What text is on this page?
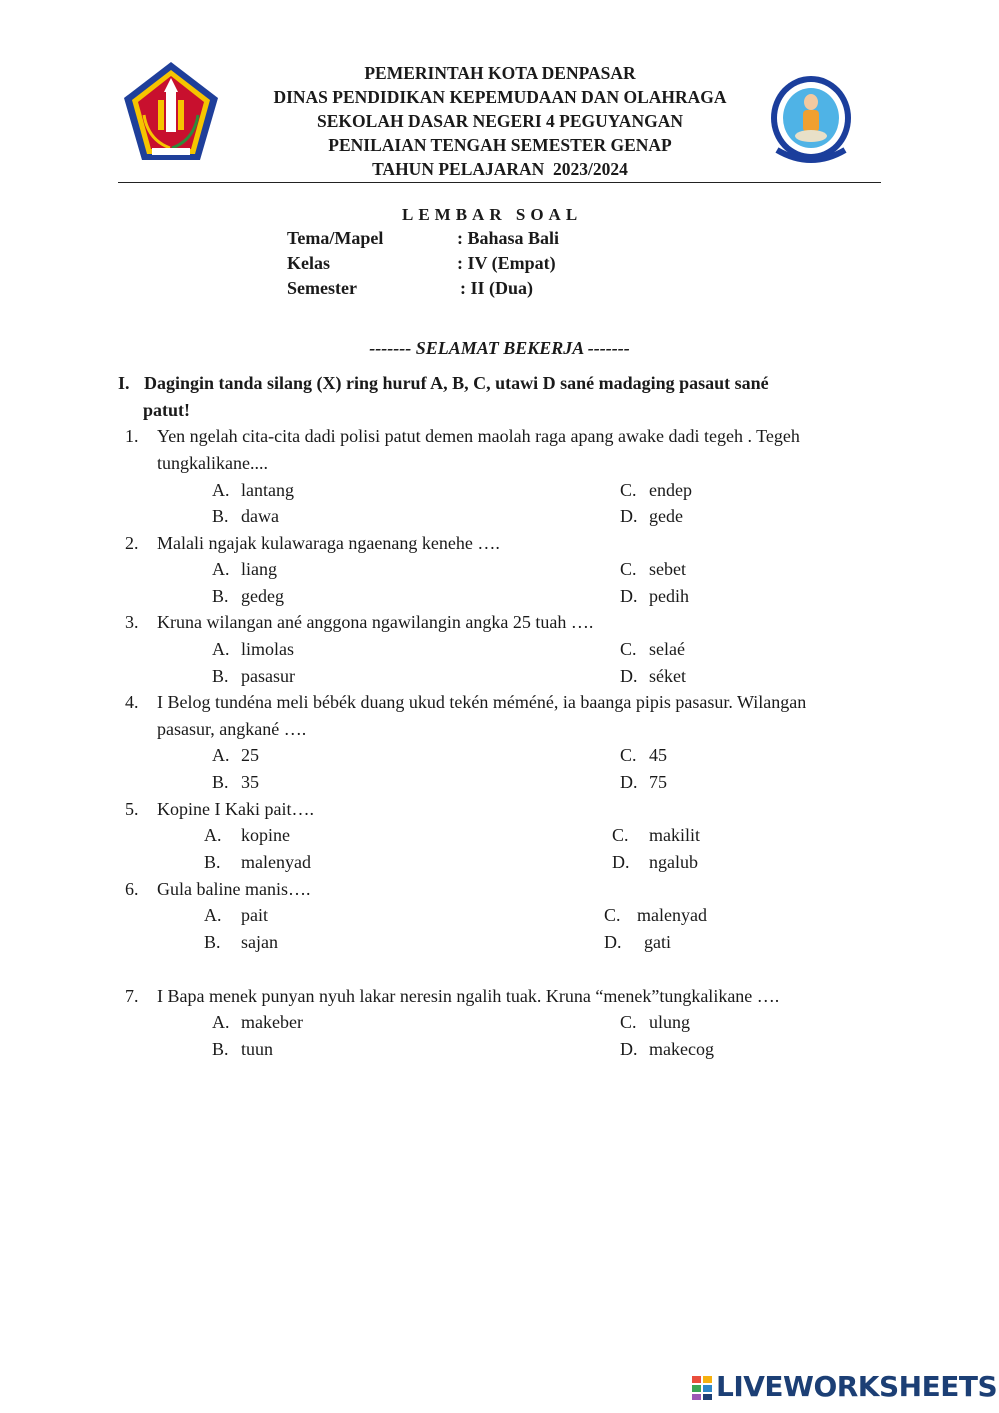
PEMERINTAH KOTA DENPASAR
DINAS PENDIDIKAN KEPEMUDAAN DAN OLAHRAGA
SEKOLAH DASAR NEGERI 4 PEGUYANGAN
PENILAIAN TENGAH SEMESTER GENAP
TAHUN PELAJARAN  2023/2024
LEMBAR SOAL
Tema/Mapel	: Bahasa Bali
Kelas	: IV (Empat)
Semester	: II (Dua)
------- SELAMAT BEKERJA -------
I. Dagingin tanda silang (X) ring huruf A, B, C, utawi D sané madaging pasaut sané
patut!
1.	Yen ngelah cita-cita dadi polisi patut demen maolah raga apang awake dadi tegeh . Tegeh
tungkalikane....
A. lantang	C. endep
B. dawa	D. gede
2.	Malali ngajak kulawaraga ngaenang kenehe ….
A. liang	C. sebet
B. gedeg	D. pedih
3.	Kruna wilangan ané anggona ngawilangin angka 25 tuah ….
A. limolas	C. selaé
B. pasasur	D. séket
4.	I Belog tundéna meli bébék duang ukud tekén méméné, ia baanga pipis pasasur. Wilangan
pasasur, angkané ….
A. 25	C. 45
B. 35	D. 75
5.	Kopine I Kaki pait….
A. kopine	C. makilit
B. malenyad	D. ngalub
6.	Gula baline manis….
A. pait	C. malenyad
B. sajan	D. gati
7.	I Bapa menek punyan nyuh lakar neresin ngalih tuak. Kruna “menek”tungkalikane ….
A. makeber	C. ulung
B. tuun	D. makecog
LIVEWORKSHEETS
